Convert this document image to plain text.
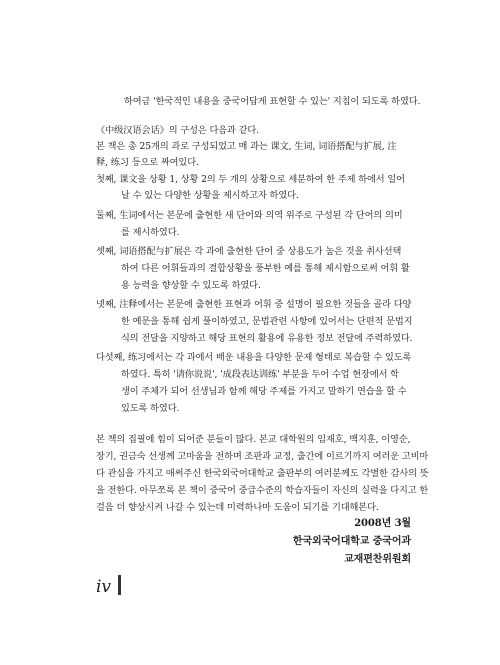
하여금 '한국적인 내용을 중국어답게 표현할 수 있는' 지침이 되도록 하였다.
《中级汉语会话》의 구성은 다음과 같다.
본 책은 총 25개의 과로 구성되었고 매 과는 课文, 生词, 词语搭配与扩展, 注
释, 练习 등으로 짜여있다.
첫째, 课文을 상황 1, 상황 2의 두 개의 상황으로 세분하여 한 주제 하에서 일어
날 수 있는 다양한 상황을 제시하고자 하였다.
둘째, 生词에서는 본문에 출현한 새 단어와 의역 위주로 구성된 각 단어의 의미
를 제시하였다.
셋째, 词语搭配与扩展은 각 과에 출현한 단어 중 상용도가 높은 것을 취사선택
하여 다른 어휘들과의 결합상황을 풍부한 예를 통해 제시함으로써 어휘 활
용 능력을 향상할 수 있도록 하였다.
넷째, 注释에서는 본문에 출현한 표현과 어휘 중 설명이 필요한 것들을 골라 다양
한 예문을 통해 쉽게 풀이하였고, 문법관련 사항에 있어서는 단편적 문법지
식의 전달을 지양하고 해당 표현의 활용에 유용한 정보 전달에 주력하였다.
다섯째, 练习에서는 각 과에서 배운 내용을 다양한 문제 형태로 복습할 수 있도록
하였다. 특히 '请你说说', '成段表达训练' 부분을 두어 수업 현장에서 학
생이 주체가 되어 선생님과 함께 해당 주제를 가지고 말하기 연습을 할 수
있도록 하였다.
본 책의 집필에 힘이 되어준 분들이 많다. 본교 대학원의 임재호, 백지훈, 이영순,
장기, 권금숙 선생께 고마움을 전하며 조판과 교정, 출간에 이르기까지 여러운 고비마
다 관심을 가지고 애써주신 한국외국어대학교 출판부의 여러분께도 각별한 감사의 뜻
을 전한다. 아무쪼록 본 책이 중국어 중급수준의 학습자들이 자신의 실력을 다지고 한
걸음 더 향상시켜 나갈 수 있는데 미력하나마 도움이 되기를 기대해본다.
2008년 3월
한국외국어대학교 중국어과
교재편찬위원회
iv
